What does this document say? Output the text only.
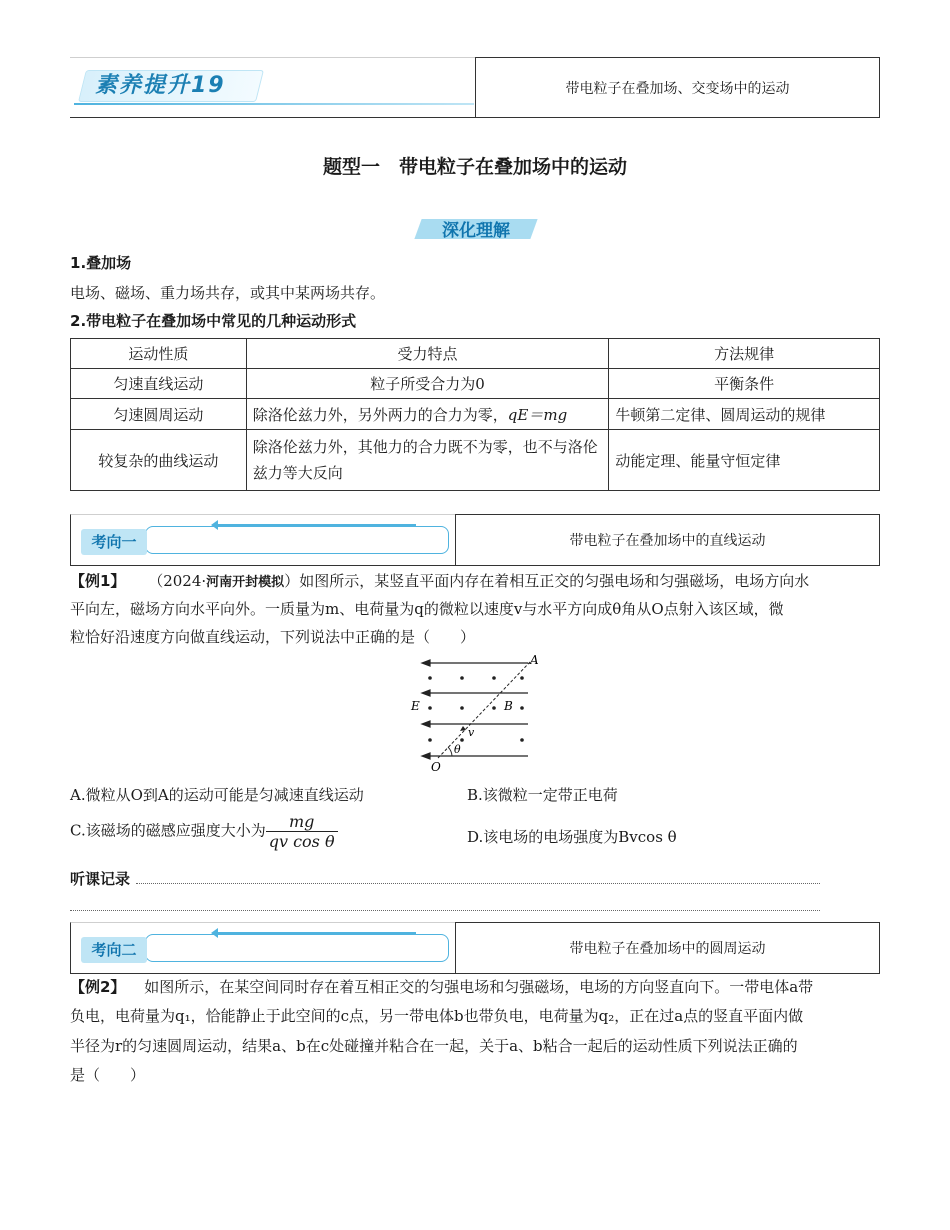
素养提升19	带电粒子在叠加场、交变场中的运动
题型一　带电粒子在叠加场中的运动
深化理解
1.叠加场
电场、磁场、重力场共存，或其中某两场共存。
2.带电粒子在叠加场中常见的几种运动形式
运动性质	受力特点	方法规律
匀速直线运动	粒子所受合力为0	平衡条件
匀速圆周运动	除洛伦兹力外，另外两力的合力为零，qE＝mg	牛顿第二定律、圆周运动的规律
较复杂的曲线运动	除洛伦兹力外，其他力的合力既不为零，也不与洛伦兹力等大反向	动能定理、能量守恒定律
考向一	带电粒子在叠加场中的直线运动
【例1】 （2024·河南开封模拟）如图所示，某竖直平面内存在着相互正交的匀强电场和匀强磁场，电场方向水
平向左，磁场方向水平向外。一质量为m、电荷量为q的微粒以速度v与水平方向成θ角从O点射入该区域，微
粒恰好沿速度方向做直线运动，下列说法中正确的是（　　）
A
E	B
v
θ
O
A.微粒从O到A的运动可能是匀减速直线运动	B.该微粒一定带正电荷
C.该磁场的磁感应强度大小为 $\frac{mg}{\text{qv cos θ}}$	D.该电场的电场强度为Bvcos θ
听课记录
考向二	带电粒子在叠加场中的圆周运动
【例2】 如图所示，在某空间同时存在着互相正交的匀强电场和匀强磁场，电场的方向竖直向下。一带电体a带
负电，电荷量为q₁，恰能静止于此空间的c点，另一带电体b也带负电，电荷量为q₂，正在过a点的竖直平面内做
半径为r的匀速圆周运动，结果a、b在c处碰撞并粘合在一起，关于a、b粘合一起后的运动性质下列说法正确的
是（　　）
